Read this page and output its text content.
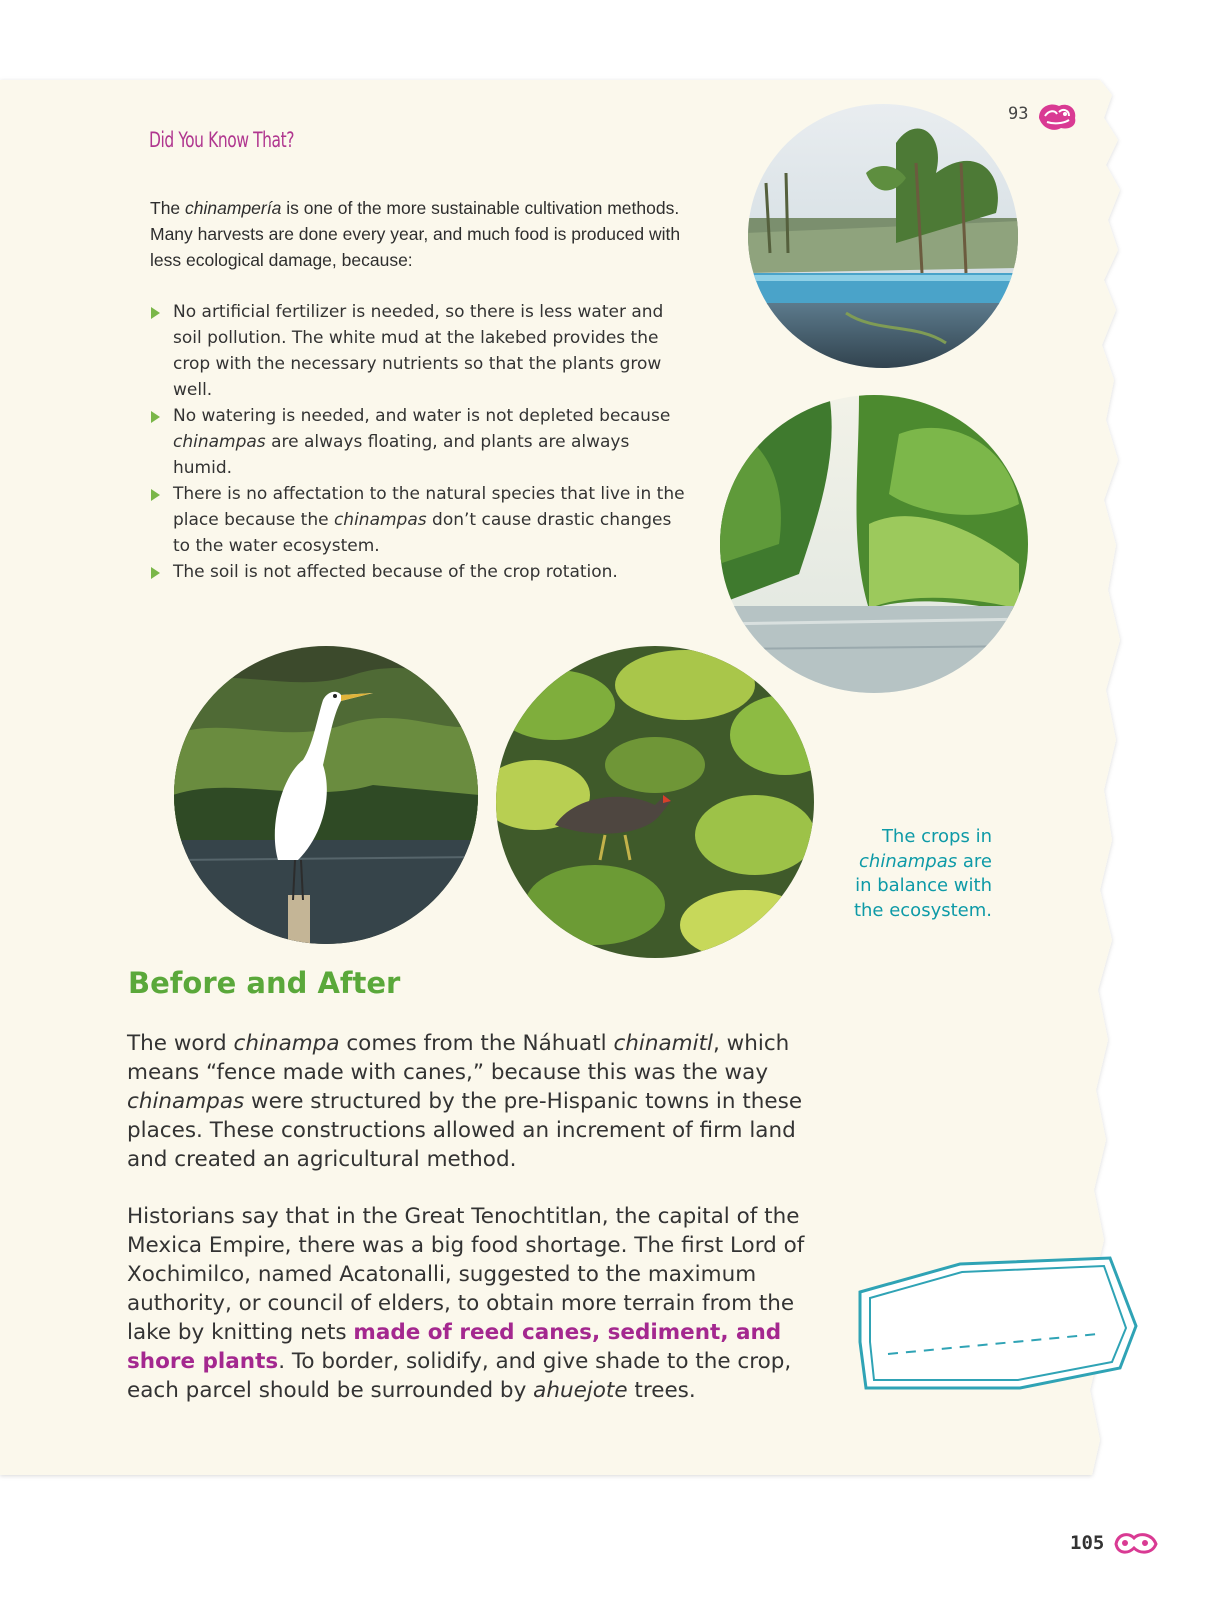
93
Did You Know That?

The chinampería is one of the more sustainable cultivation methods. Many harvests are done every year, and much food is produced with less ecological damage, because:

No artificial fertilizer is needed, so there is less water and soil pollution. The white mud at the lakebed provides the crop with the necessary nutrients so that the plants grow well.
No watering is needed, and water is not depleted because chinampas are always floating, and plants are always humid.
There is no affectation to the natural species that live in the place because the chinampas don’t cause drastic changes to the water ecosystem.
The soil is not affected because of the crop rotation.

The crops in
chinampas are
in balance with
the ecosystem.

Before and After

The word chinampa comes from the Náhuatl chinamitl, which means “fence made with canes,” because this was the way chinampas were structured by the pre-Hispanic towns in these places. These constructions allowed an increment of firm land and created an agricultural method.

Historians say that in the Great Tenochtitlan, the capital of the Mexica Empire, there was a big food shortage. The first Lord of Xochimilco, named Acatonalli, suggested to the maximum authority, or council of elders, to obtain more terrain from the lake by knitting nets made of reed canes, sediment, and shore plants. To border, solidify, and give shade to the crop, each parcel should be surrounded by ahuejote trees.

105
